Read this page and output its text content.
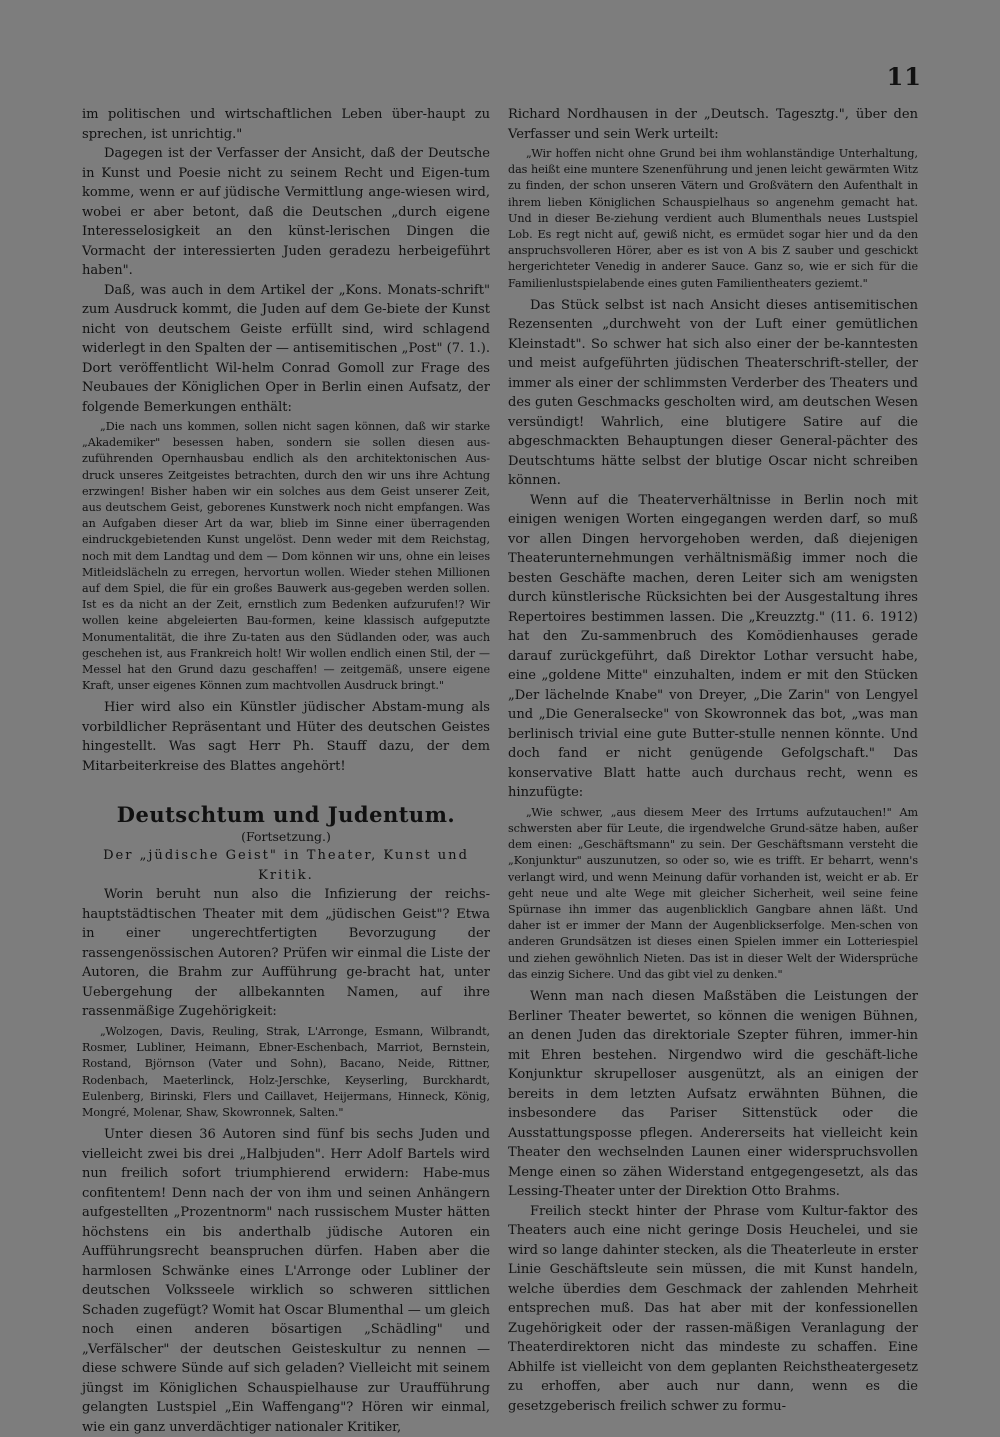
11

im politischen und wirtschaftlichen Leben über-haupt zu sprechen, ist unrichtig."

Dagegen ist der Verfasser der Ansicht, daß der Deutsche in Kunst und Poesie nicht zu seinem Recht und Eigen-tum komme, wenn er auf jüdische Vermittlung ange-wiesen wird, wobei er aber betont, daß die Deutschen „durch eigene Interesselosigkeit an den künst-lerischen Dingen die Vormacht der interessierten Juden geradezu herbeigeführt haben".

Daß, was auch in dem Artikel der „Kons. Monats-schrift" zum Ausdruck kommt, die Juden auf dem Ge-biete der Kunst nicht von deutschem Geiste erfüllt sind, wird schlagend widerlegt in den Spalten der — antisemitischen „Post" (7. 1.). Dort veröffentlicht Wil-helm Conrad Gomoll zur Frage des Neubaues der Königlichen Oper in Berlin einen Aufsatz, der folgende Bemerkungen enthält:

„Die nach uns kommen, sollen nicht sagen können, daß wir starke „Akademiker" besessen haben, sondern sie sollen diesen aus-zuführenden Opernhausbau endlich als den architektonischen Aus-druck unseres Zeitgeistes betrachten, durch den wir uns ihre Achtung erzwingen! Bisher haben wir ein solches aus dem Geist unserer Zeit, aus deutschem Geist, geborenes Kunstwerk noch nicht empfangen. Was an Aufgaben dieser Art da war, blieb im Sinne einer überragenden eindruckgebietenden Kunst ungelöst. Denn weder mit dem Reichstag, noch mit dem Landtag und dem — Dom können wir uns, ohne ein leises Mitleidslächeln zu erregen, hervortun wollen. Wieder stehen Millionen auf dem Spiel, die für ein großes Bauwerk aus-gegeben werden sollen. Ist es da nicht an der Zeit, ernstlich zum Bedenken aufzurufen!? Wir wollen keine abgeleierten Bau-formen, keine klassisch aufgeputzte Monumentalität, die ihre Zu-taten aus den Südlanden oder, was auch geschehen ist, aus Frankreich holt! Wir wollen endlich einen Stil, der — Messel hat den Grund dazu geschaffen! — zeitgemäß, unsere eigene Kraft, unser eigenes Können zum machtvollen Ausdruck bringt."

Hier wird also ein Künstler jüdischer Abstam-mung als vorbildlicher Repräsentant und Hüter des deutschen Geistes hingestellt. Was sagt Herr Ph. Stauff dazu, der dem Mitarbeiterkreise des Blattes angehört!

Deutschtum und Judentum.
(Fortsetzung.)
Der „jüdische Geist" in Theater, Kunst und Kritik.

Worin beruht nun also die Infizierung der reichs-hauptstädtischen Theater mit dem „jüdischen Geist"? Etwa in einer ungerechtfertigten Bevorzugung der rassengenössischen Autoren? Prüfen wir einmal die Liste der Autoren, die Brahm zur Aufführung ge-bracht hat, unter Uebergehung der allbekannten Namen, auf ihre rassenmäßige Zugehörigkeit:

„Wolzogen, Davis, Reuling, Strak, L'Arronge, Esmann, Wilbrandt, Rosmer, Lubliner, Heimann, Ebner-Eschenbach, Marriot, Bernstein, Rostand, Björnson (Vater und Sohn), Bacano, Neide, Rittner, Rodenbach, Maeterlinck, Holz-Jerschke, Keyserling, Burckhardt, Eulenberg, Birinski, Flers und Caillavet, Heijermans, Hinneck, König, Mongré, Molenar, Shaw, Skowronnek, Salten."

Unter diesen 36 Autoren sind fünf bis sechs Juden und vielleicht zwei bis drei „Halbjuden". Herr Adolf Bartels wird nun freilich sofort triumphierend erwidern: Habe-mus confitentem! Denn nach der von ihm und seinen Anhängern aufgestellten „Prozentnorm" nach russischem Muster hätten höchstens ein bis anderthalb jüdische Autoren ein Aufführungsrecht beanspruchen dürfen. Haben aber die harmlosen Schwänke eines L'Arronge oder Lubliner der deutschen Volksseele wirklich so schweren sittlichen Schaden zugefügt? Womit hat Oscar Blumenthal — um gleich noch einen anderen bösartigen „Schädling" und „Verfälscher" der deutschen Geisteskultur zu nennen — diese schwere Sünde auf sich geladen? Vielleicht mit seinem jüngst im Königlichen Schauspielhause zur Uraufführung gelangten Lustspiel „Ein Waffengang"? Hören wir einmal, wie ein ganz unverdächtiger nationaler Kritiker,

Richard Nordhausen in der „Deutsch. Tagesztg.", über den Verfasser und sein Werk urteilt:

„Wir hoffen nicht ohne Grund bei ihm wohlanständige Unterhaltung, das heißt eine muntere Szenenführung und jenen leicht gewärmten Witz zu finden, der schon unseren Vätern und Großvätern den Aufenthalt in ihrem lieben Königlichen Schauspielhaus so angenehm gemacht hat. Und in dieser Be-ziehung verdient auch Blumenthals neues Lustspiel Lob. Es regt nicht auf, gewiß nicht, es ermüdet sogar hier und da den anspruchsvolleren Hörer, aber es ist von A bis Z sauber und geschickt hergerichteter Venedig in anderer Sauce. Ganz so, wie er sich für die Familienlustspielabende eines guten Familientheaters geziemt."

Das Stück selbst ist nach Ansicht dieses antisemitischen Rezensenten „durchweht von der Luft einer gemütlichen Kleinstadt". So schwer hat sich also einer der be-kanntesten und meist aufgeführten jüdischen Theaterschrift-steller, der immer als einer der schlimmsten Verderber des Theaters und des guten Geschmacks gescholten wird, am deutschen Wesen versündigt! Wahrlich, eine blutigere Satire auf die abgeschmackten Behauptungen dieser General-pächter des Deutschtums hätte selbst der blutige Oscar nicht schreiben können.

Wenn auf die Theaterverhältnisse in Berlin noch mit einigen wenigen Worten eingegangen werden darf, so muß vor allen Dingen hervorgehoben werden, daß diejenigen Theaterunternehmungen verhältnismäßig immer noch die besten Geschäfte machen, deren Leiter sich am wenigsten durch künstlerische Rücksichten bei der Ausgestaltung ihres Repertoires bestimmen lassen. Die „Kreuzztg." (11. 6. 1912) hat den Zu-sammenbruch des Komödienhauses gerade darauf zurückgeführt, daß Direktor Lothar versucht habe, eine „goldene Mitte" einzuhalten, indem er mit den Stücken „Der lächelnde Knabe" von Dreyer, „Die Zarin" von Lengyel und „Die Generalsecke" von Skowronnek das bot, „was man berlinisch trivial eine gute Butter-stulle nennen könnte. Und doch fand er nicht genügende Gefolgschaft." Das konservative Blatt hatte auch durchaus recht, wenn es hinzufügte:

„Wie schwer, „aus diesem Meer des Irrtums aufzutauchen!" Am schwersten aber für Leute, die irgendwelche Grund-sätze haben, außer dem einen: „Geschäftsmann" zu sein. Der Geschäftsmann versteht die „Konjunktur" auszunutzen, so oder so, wie es trifft. Er beharrt, wenn's verlangt wird, und wenn Meinung dafür vorhanden ist, weicht er ab. Er geht neue und alte Wege mit gleicher Sicherheit, weil seine feine Spürnase ihn immer das augenblicklich Gangbare ahnen läßt. Und daher ist er immer der Mann der Augenblickserfolge. Men-schen von anderen Grundsätzen ist dieses einen Spielen immer ein Lotteriespiel und ziehen gewöhnlich Nieten. Das ist in dieser Welt der Widersprüche das einzig Sichere. Und das gibt viel zu denken."

Wenn man nach diesen Maßstäben die Leistungen der Berliner Theater bewertet, so können die wenigen Bühnen, an denen Juden das direktoriale Szepter führen, immer-hin mit Ehren bestehen. Nirgendwo wird die geschäft-liche Konjunktur skrupelloser ausgenützt, als an einigen der bereits in dem letzten Aufsatz erwähnten Bühnen, die insbesondere das Pariser Sittenstück oder die Ausstattungsposse pflegen. Andererseits hat vielleicht kein Theater den wechselnden Launen einer widerspruchsvollen Menge einen so zähen Widerstand entgegengesetzt, als das Lessing-Theater unter der Direktion Otto Brahms.

Freilich steckt hinter der Phrase vom Kultur-faktor des Theaters auch eine nicht geringe Dosis Heuchelei, und sie wird so lange dahinter stecken, als die Theaterleute in erster Linie Geschäftsleute sein müssen, die mit Kunst handeln, welche überdies dem Geschmack der zahlenden Mehrheit entsprechen muß. Das hat aber mit der konfessionellen Zugehörigkeit oder der rassen-mäßigen Veranlagung der Theaterdirektoren nicht das mindeste zu schaffen. Eine Abhilfe ist vielleicht von dem geplanten Reichstheatergesetz zu erhoffen, aber auch nur dann, wenn es die gesetzgeberisch freilich schwer zu formu-
